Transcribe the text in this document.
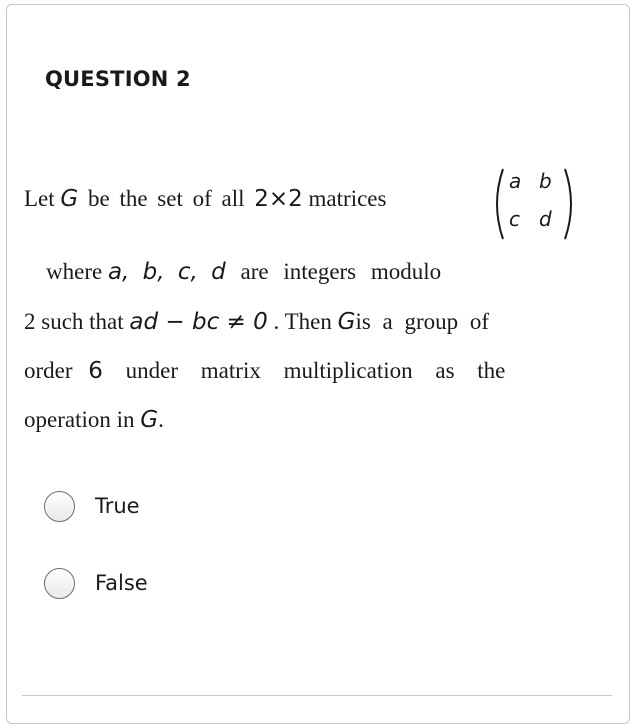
QUESTION 2
Let G be the set of all 2×2 matrices
a b
c d
where a, b, c, d are integers modulo
2 such that ad − bc ≠ 0 . Then Gis a group of
order 6 under matrix multiplication as the
operation in G.
True
False
